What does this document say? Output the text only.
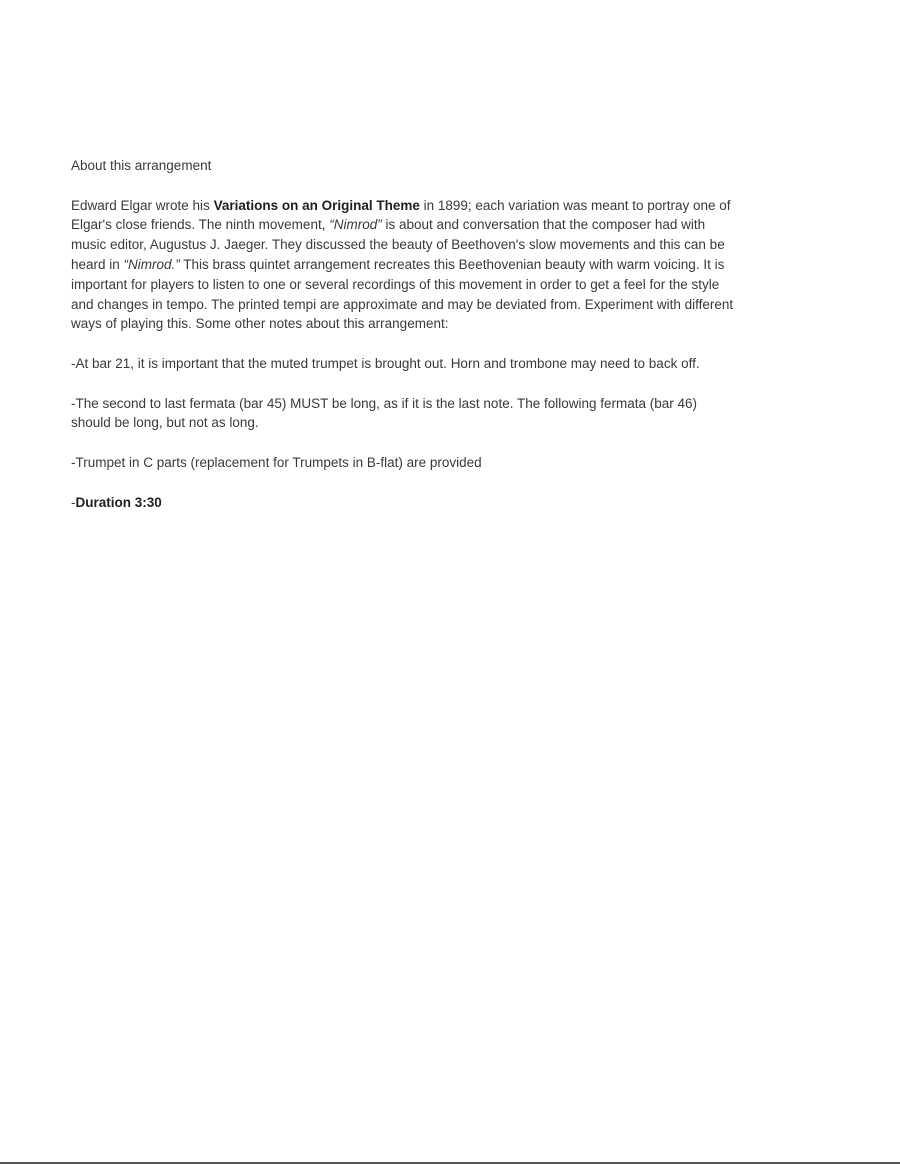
About this arrangement

Edward Elgar wrote his Variations on an Original Theme in 1899; each variation was meant to portray one of Elgar's close friends. The ninth movement, “Nimrod” is about and conversation that the composer had with music editor, Augustus J. Jaeger. They discussed the beauty of Beethoven's slow movements and this can be heard in “Nimrod.” This brass quintet arrangement recreates this Beethovenian beauty with warm voicing. It is important for players to listen to one or several recordings of this movement in order to get a feel for the style and changes in tempo. The printed tempi are approximate and may be deviated from. Experiment with different ways of playing this. Some other notes about this arrangement:

-At bar 21, it is important that the muted trumpet is brought out. Horn and trombone may need to back off.

-The second to last fermata (bar 45) MUST be long, as if it is the last note. The following fermata (bar 46) should be long, but not as long.

-Trumpet in C parts (replacement for Trumpets in B-flat) are provided

-Duration 3:30
